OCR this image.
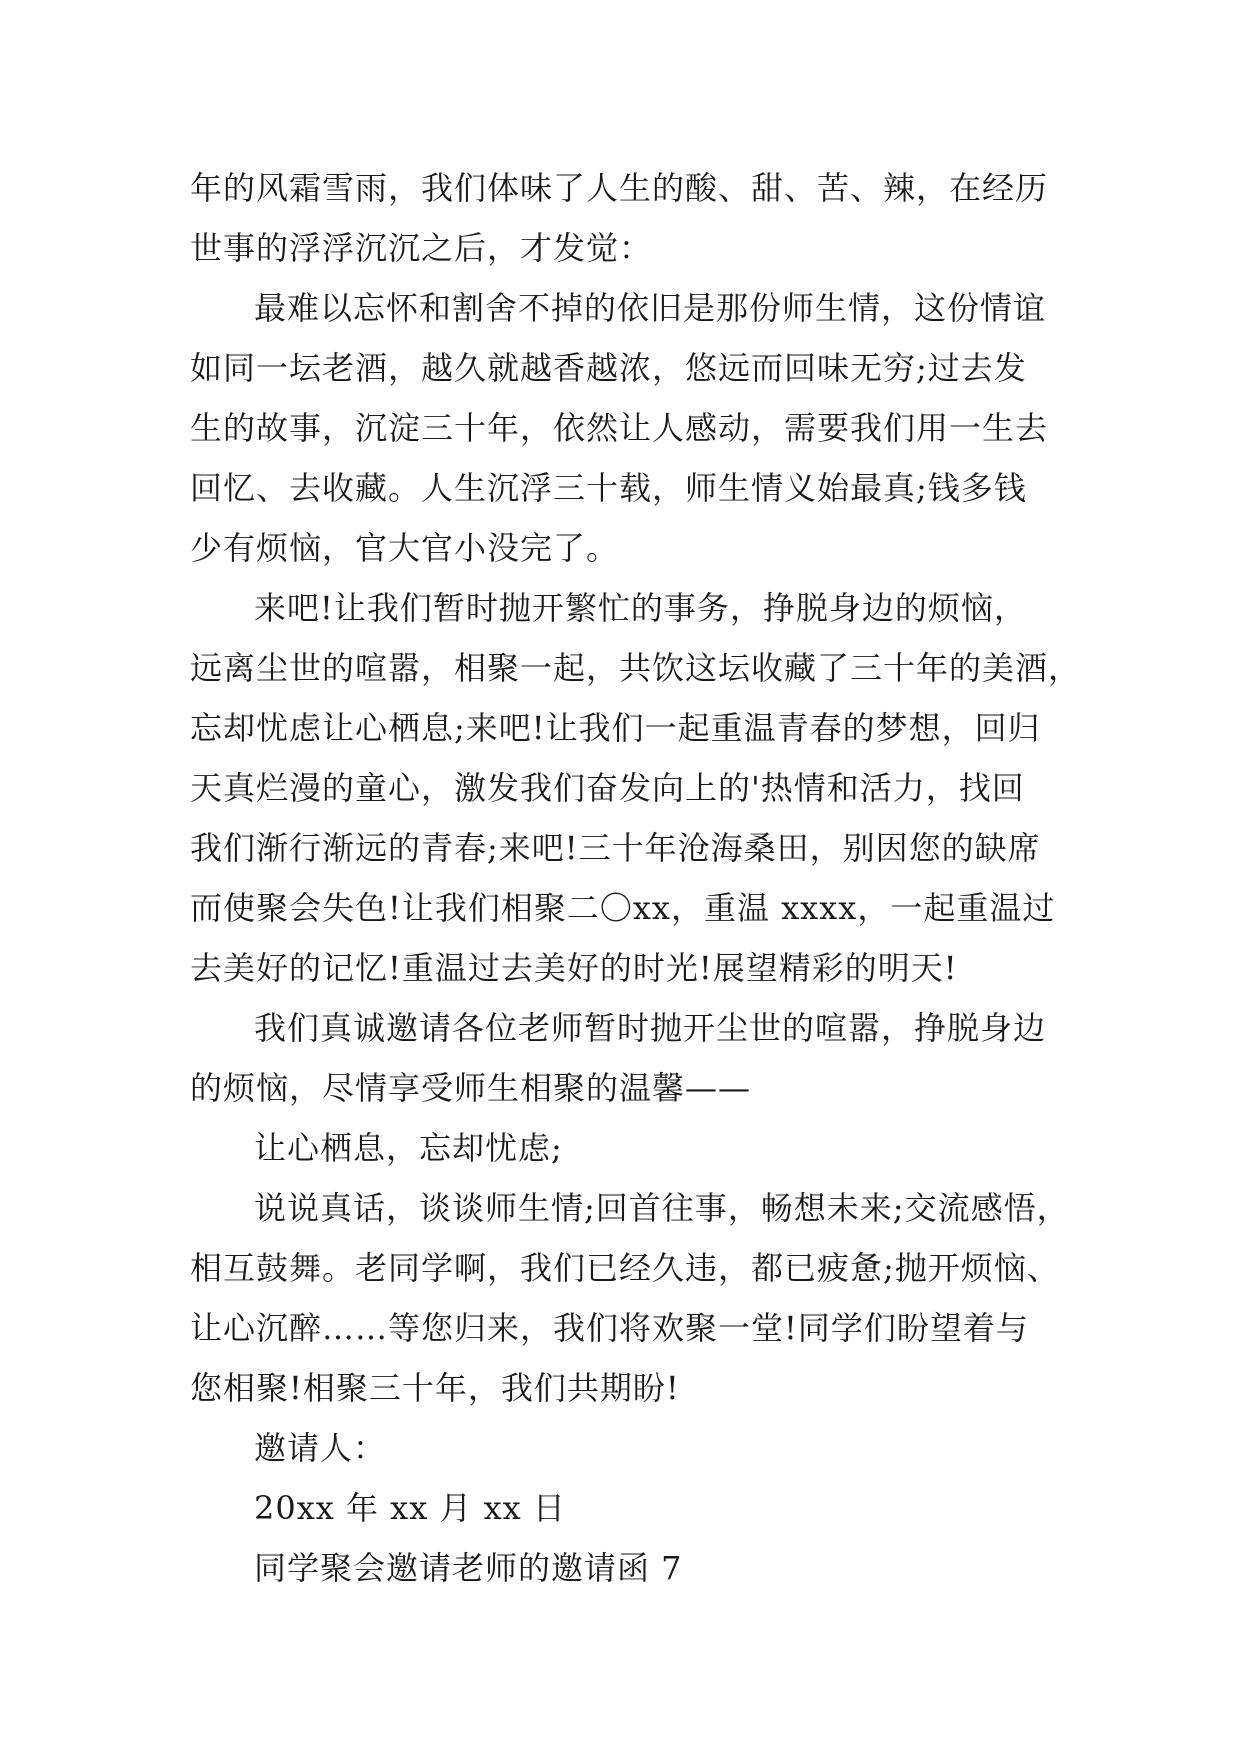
年的风霜雪雨，我们体味了人生的酸、甜、苦、辣，在经历
世事的浮浮沉沉之后，才发觉：
最难以忘怀和割舍不掉的依旧是那份师生情，这份情谊
如同一坛老酒，越久就越香越浓，悠远而回味无穷;过去发
生的故事，沉淀三十年，依然让人感动，需要我们用一生去
回忆、去收藏。人生沉浮三十载，师生情义始最真;钱多钱
少有烦恼，官大官小没完了。
来吧!让我们暂时抛开繁忙的事务，挣脱身边的烦恼，
远离尘世的喧嚣，相聚一起，共饮这坛收藏了三十年的美酒，
忘却忧虑让心栖息;来吧!让我们一起重温青春的梦想，回归
天真烂漫的童心，激发我们奋发向上的'热情和活力，找回
我们渐行渐远的青春;来吧!三十年沧海桑田，别因您的缺席
而使聚会失色!让我们相聚二〇xx，重温 xxxx，一起重温过
去美好的记忆!重温过去美好的时光!展望精彩的明天!
我们真诚邀请各位老师暂时抛开尘世的喧嚣，挣脱身边
的烦恼，尽情享受师生相聚的温馨——
让心栖息，忘却忧虑;
说说真话，谈谈师生情;回首往事，畅想未来;交流感悟，
相互鼓舞。老同学啊，我们已经久违，都已疲惫;抛开烦恼、
让心沉醉……等您归来，我们将欢聚一堂!同学们盼望着与
您相聚!相聚三十年，我们共期盼!
邀请人：
20xx 年 xx 月 xx 日
同学聚会邀请老师的邀请函 7
